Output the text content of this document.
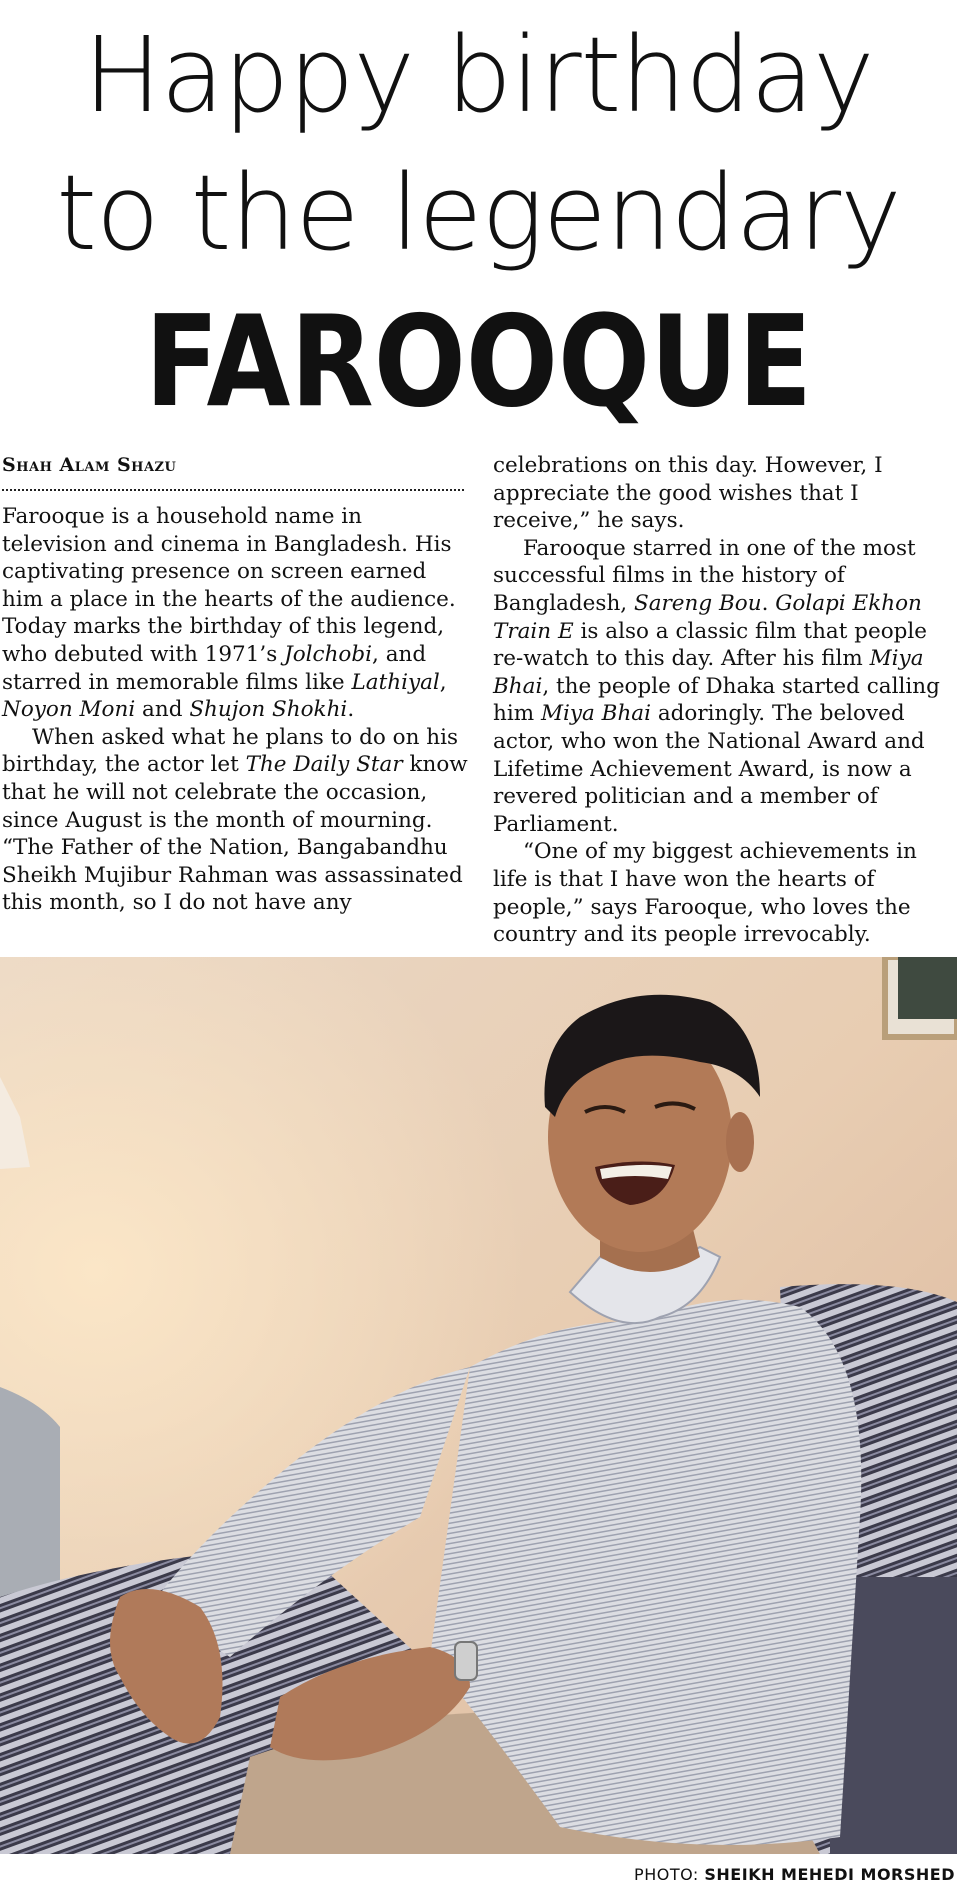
Happy birthday
to the legendary
FAROOQUE
Shah Alam Shazu

Farooque is a household name in television and cinema in Bangladesh. His captivating presence on screen earned him a place in the hearts of the audience. Today marks the birthday of this legend, who debuted with 1971’s Jolchobi, and starred in memorable films like Lathiyal, Noyon Moni and Shujon Shokhi.

When asked what he plans to do on his birthday, the actor let The Daily Star know that he will not celebrate the occasion, since August is the month of mourning. “The Father of the Nation, Bangabandhu Sheikh Mujibur Rahman was assassinated this month, so I do not have any

celebrations on this day. However, I appreciate the good wishes that I receive,” he says.

Farooque starred in one of the most successful films in the history of Bangladesh, Sareng Bou. Golapi Ekhon Train E is also a classic film that people re-watch to this day. After his film Miya Bhai, the people of Dhaka started calling him Miya Bhai adoringly. The beloved actor, who won the National Award and Lifetime Achievement Award, is now a revered politician and a member of Parliament.

“One of my biggest achievements in life is that I have won the hearts of people,” says Farooque, who loves the country and its people irrevocably.

PHOTO: SHEIKH MEHEDI MORSHED
